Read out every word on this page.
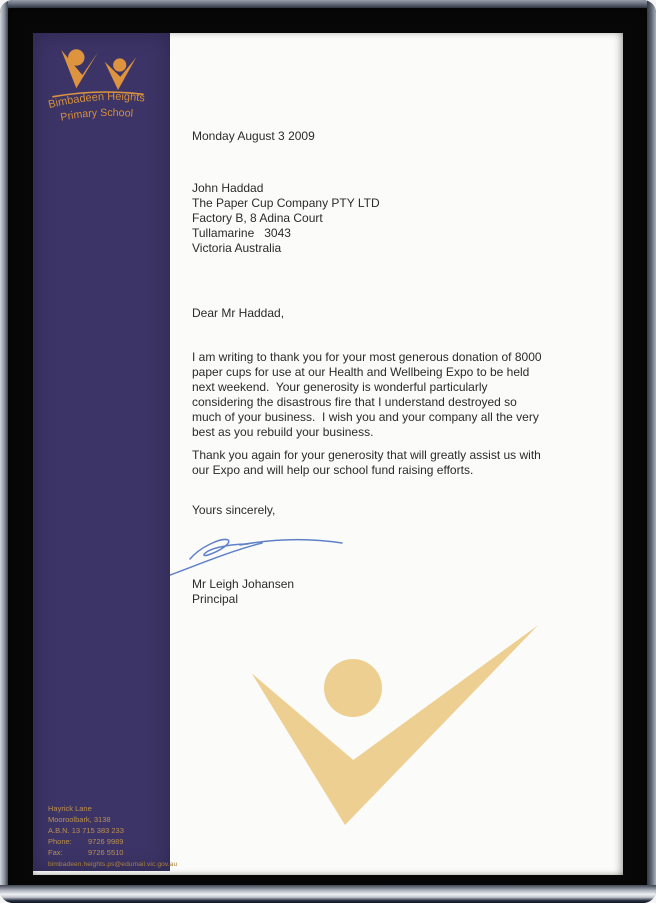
Bimbadeen Heights
Primary School
Hayrick Lane
Mooroolbark, 3138
A.B.N. 13 715 383 233
Phone:	9726 9989
Fax:	9726 5510
bimbadeen.heights.ps@edumail.vic.gov.au
Monday August 3 2009
John Haddad
The Paper Cup Company PTY LTD
Factory B, 8 Adina Court
Tullamarine   3043
Victoria Australia
Dear Mr Haddad,
I am writing to thank you for your most generous donation of 8000
paper cups for use at our Health and Wellbeing Expo to be held
next weekend.  Your generosity is wonderful particularly
considering the disastrous fire that I understand destroyed so
much of your business.  I wish you and your company all the very
best as you rebuild your business.
Thank you again for your generosity that will greatly assist us with
our Expo and will help our school fund raising efforts.
Yours sincerely,
Mr Leigh Johansen
Principal
